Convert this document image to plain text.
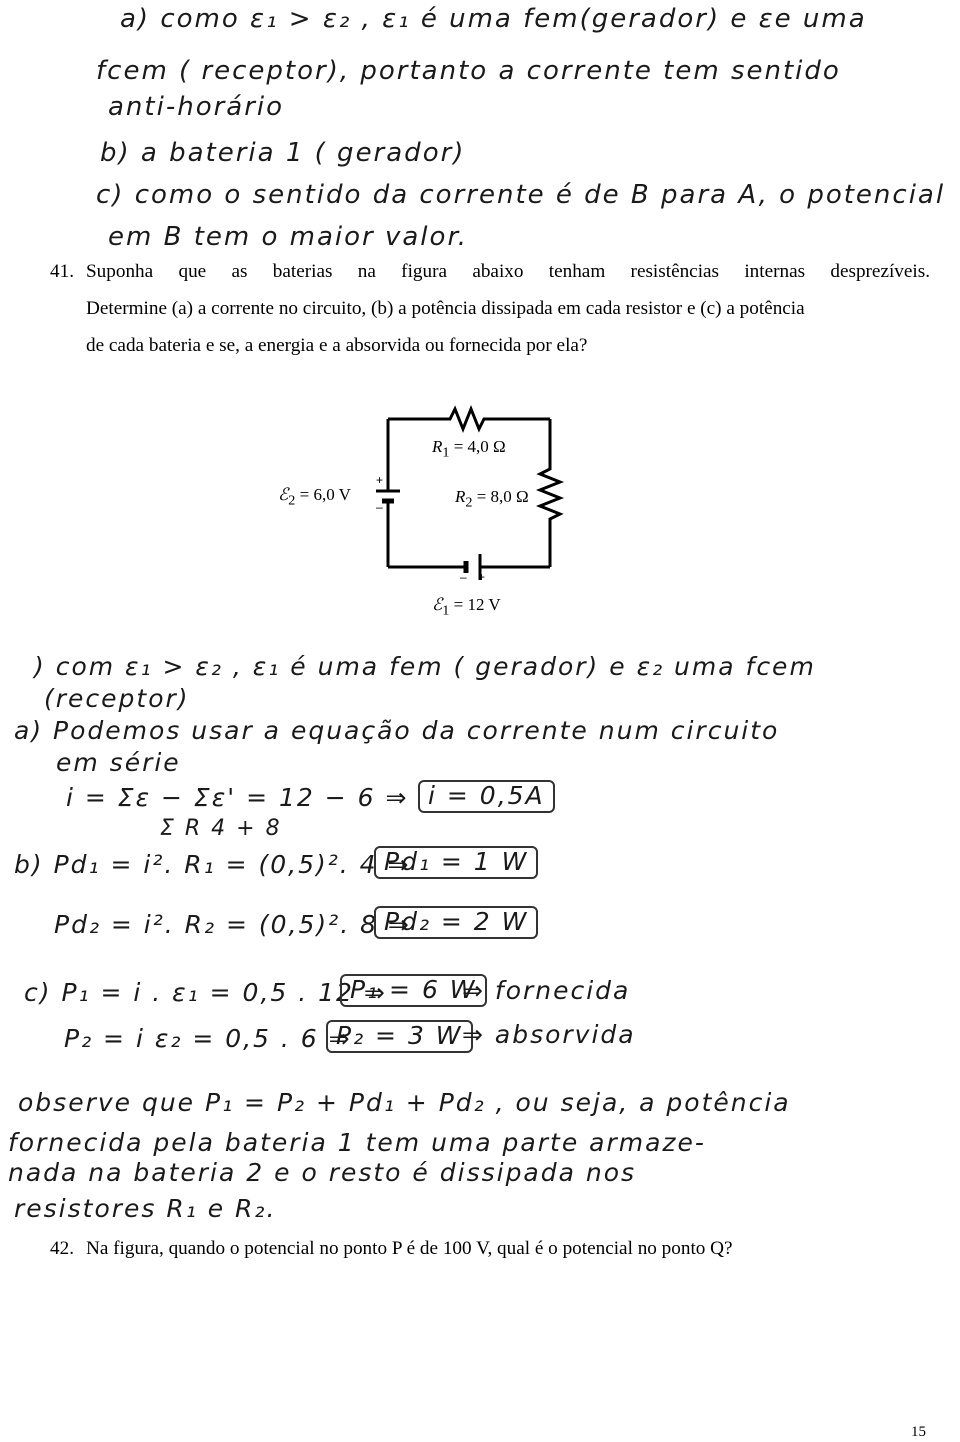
a) como ε₁ > ε₂ , ε₁ é uma fem(gerador) e εe uma
fcem ( receptor), portanto a corrente tem sentido
anti-horário
b) a bateria 1 ( gerador)
c) como o sentido da corrente é de B para A, o potencial
em B tem o maior valor.
41. Suponha que as baterias na figura abaixo tenham resistências internas desprezíveis.
Determine (a) a corrente no circuito, (b) a potência dissipada em cada resistor e (c) a potência
de cada bateria e se, a energia e a absorvida ou fornecida por ela?
$R_1 = 4,0$ Ω
$R_2 = 8,0$ Ω
ℰ$_2$ = 6,0 V
ℰ$_1$ = 12 V
+
–
– +
) com ε₁ > ε₂ , ε₁ é uma fem ( gerador) e ε₂ uma fcem
(receptor)
a) Podemos usar a equação da corrente num circuito
em série
i = Σε − Σε' = 12 − 6 ⇒
Σ R 4 + 8
i = 0,5A
b) Pd₁ = i². R₁ = (0,5)². 4 ⇒
Pd₁ = 1 W
Pd₂ = i². R₂ = (0,5)². 8 ⇒
Pd₂ = 2 W
c) P₁ = i . ε₁ = 0,5 . 12 ⇒
P₁ = 6 W
⇒ fornecida
P₂ = i ε₂ = 0,5 . 6 ⇒
P₂ = 3 W ⇒ absorvida
observe que P₁ = P₂ + Pd₁ + Pd₂ , ou seja, a potência
fornecida pela bateria 1 tem uma parte armaze-
nada na bateria 2 e o resto é dissipada nos
resistores R₁ e R₂.
42. Na figura, quando o potencial no ponto P é de 100 V, qual é o potencial no ponto Q?
15
